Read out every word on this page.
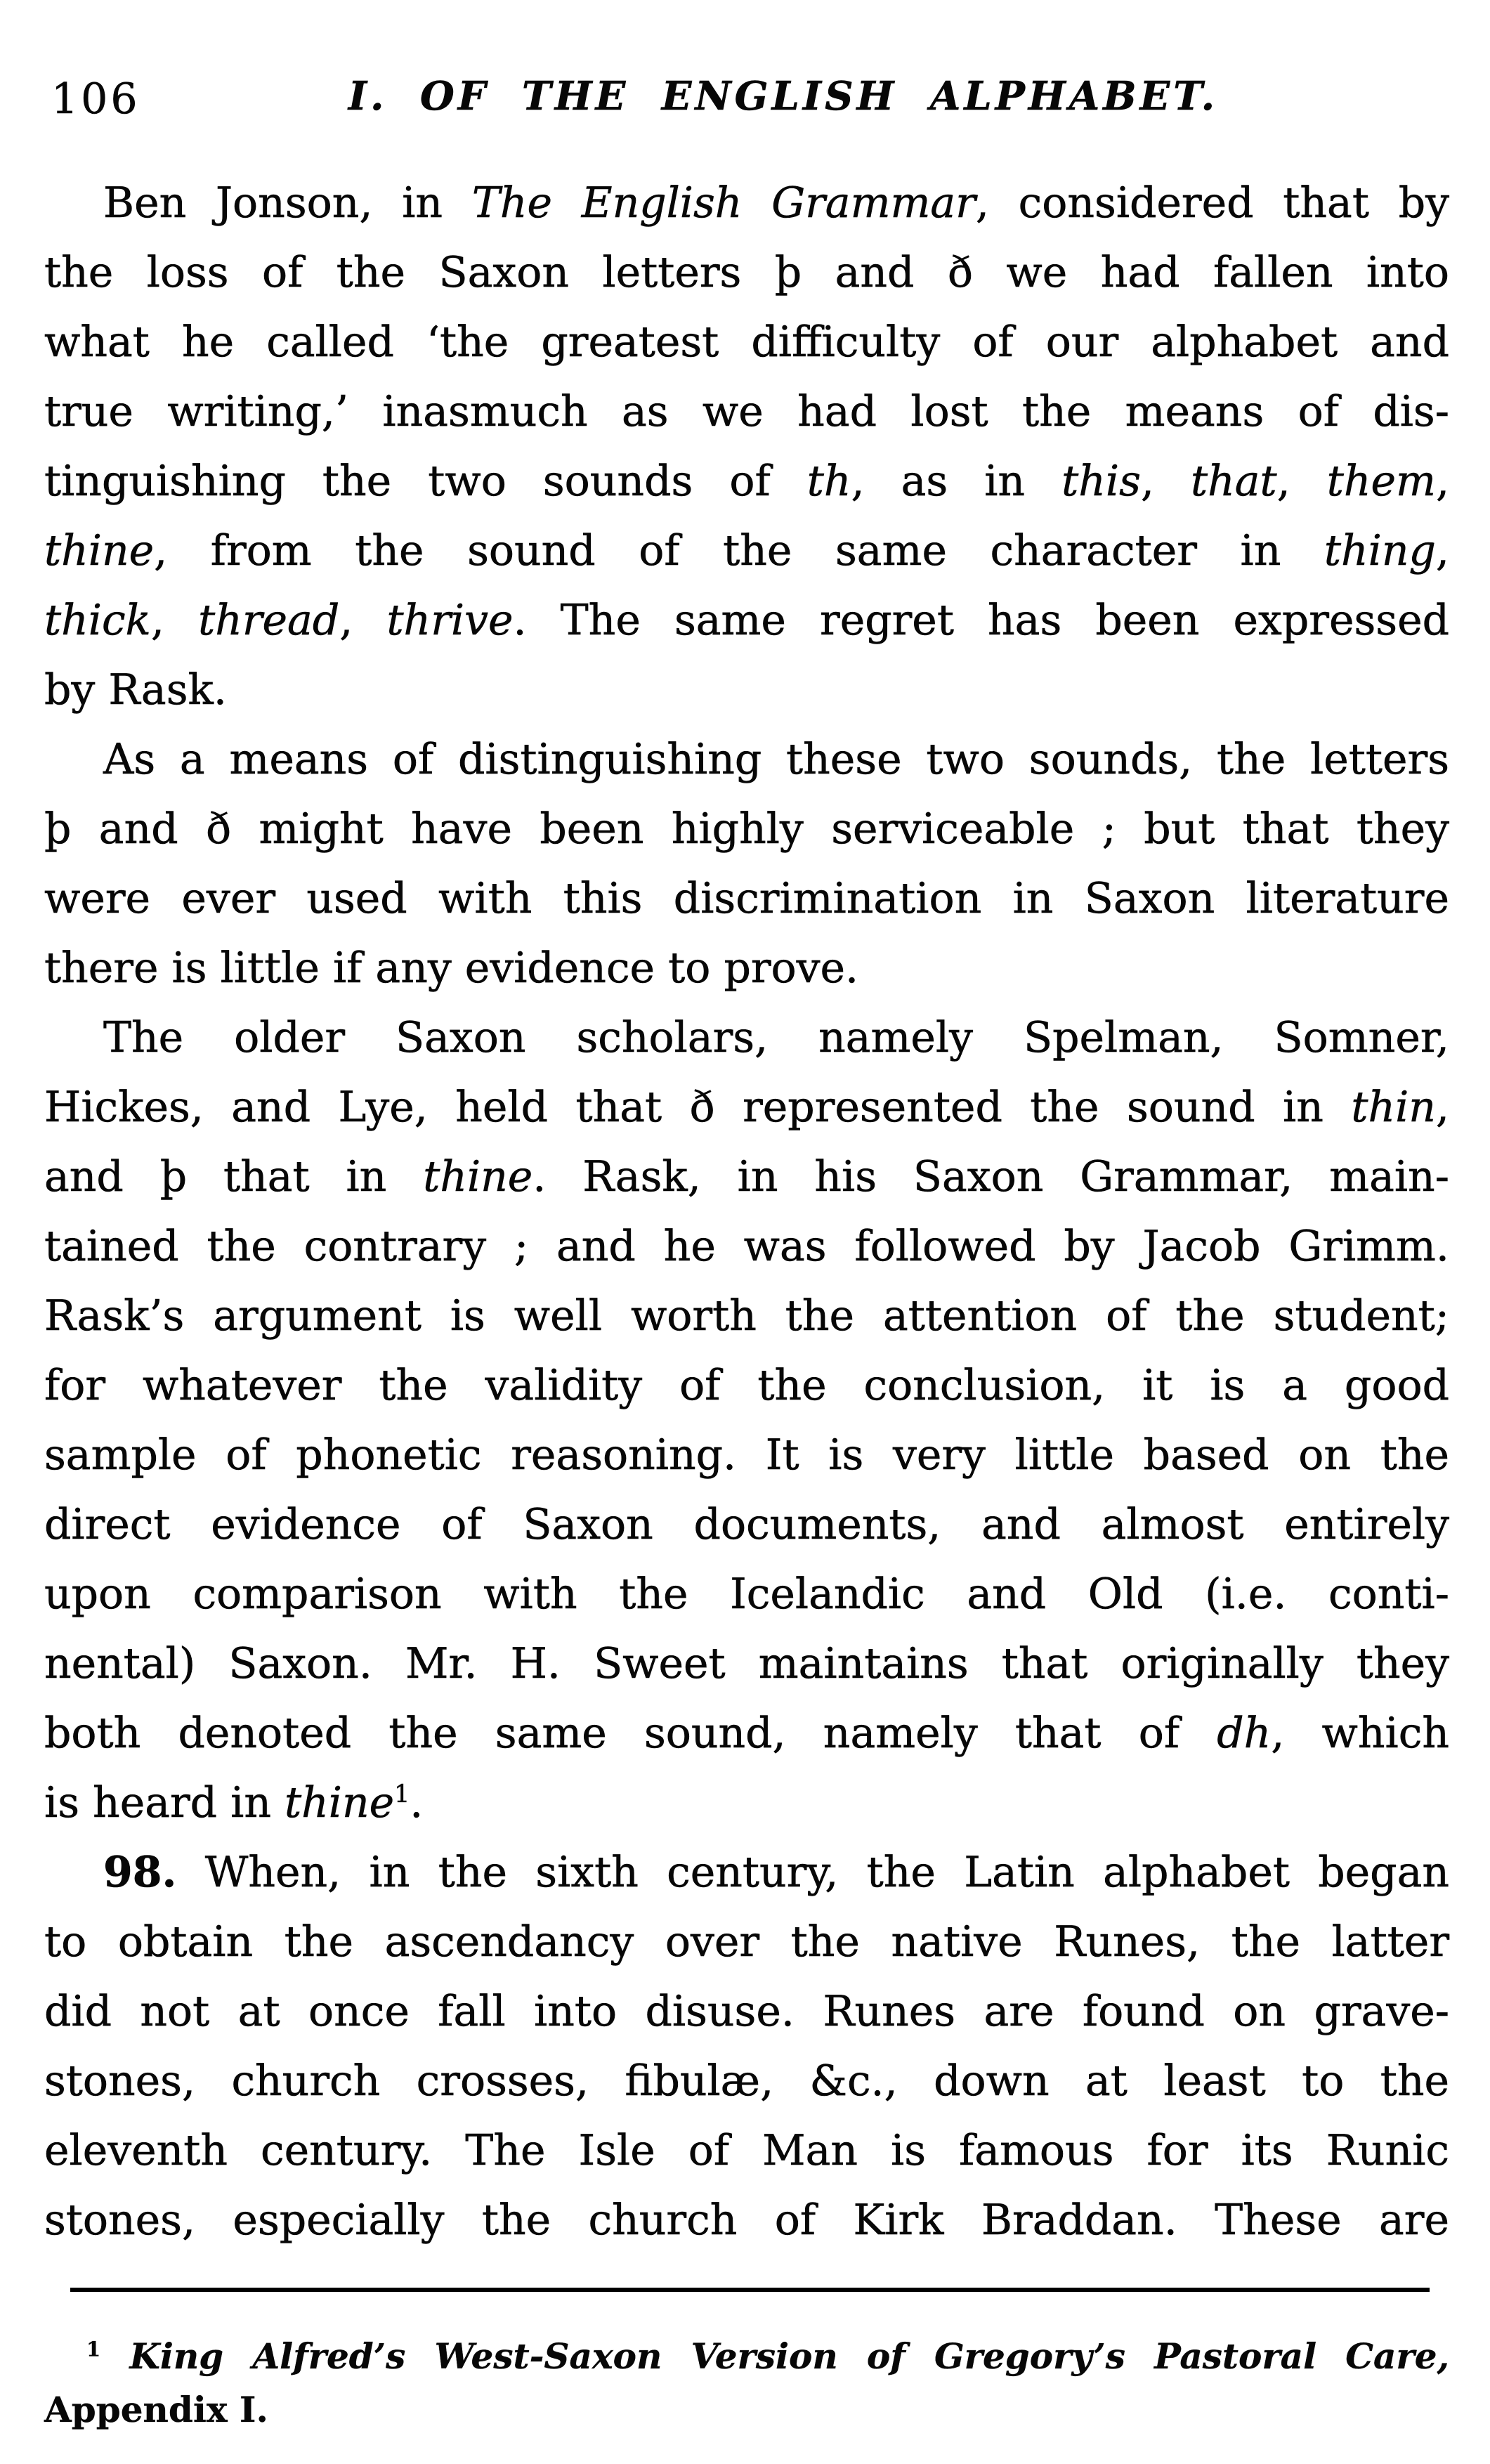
106	I. OF THE ENGLISH ALPHABET.
Ben Jonson, in The English Grammar, considered that by
the loss of the Saxon letters þ and ð we had fallen into
what he called ‘the greatest difficulty of our alphabet and
true writing,’ inasmuch as we had lost the means of dis-
tinguishing the two sounds of th, as in this, that, them,
thine, from the sound of the same character in thing,
thick, thread, thrive. The same regret has been expressed
by Rask.
As a means of distinguishing these two sounds, the letters
þ and ð might have been highly serviceable ; but that they
were ever used with this discrimination in Saxon literature
there is little if any evidence to prove.
The older Saxon scholars, namely Spelman, Somner,
Hickes, and Lye, held that ð represented the sound in thin,
and þ that in thine. Rask, in his Saxon Grammar, main-
tained the contrary ; and he was followed by Jacob Grimm.
Rask’s argument is well worth the attention of the student;
for whatever the validity of the conclusion, it is a good
sample of phonetic reasoning. It is very little based on the
direct evidence of Saxon documents, and almost entirely
upon comparison with the Icelandic and Old (i.e. conti-
nental) Saxon. Mr. H. Sweet maintains that originally they
both denoted the same sound, namely that of dh, which
is heard in thine$^1$.
98. When, in the sixth century, the Latin alphabet began
to obtain the ascendancy over the native Runes, the latter
did not at once fall into disuse. Runes are found on grave-
stones, church crosses, fibulæ, &c., down at least to the
eleventh century. The Isle of Man is famous for its Runic
stones, especially the church of Kirk Braddan. These are
$^1$ King Alfred’s West-Saxon Version of Gregory’s Pastoral Care,
Appendix I.
